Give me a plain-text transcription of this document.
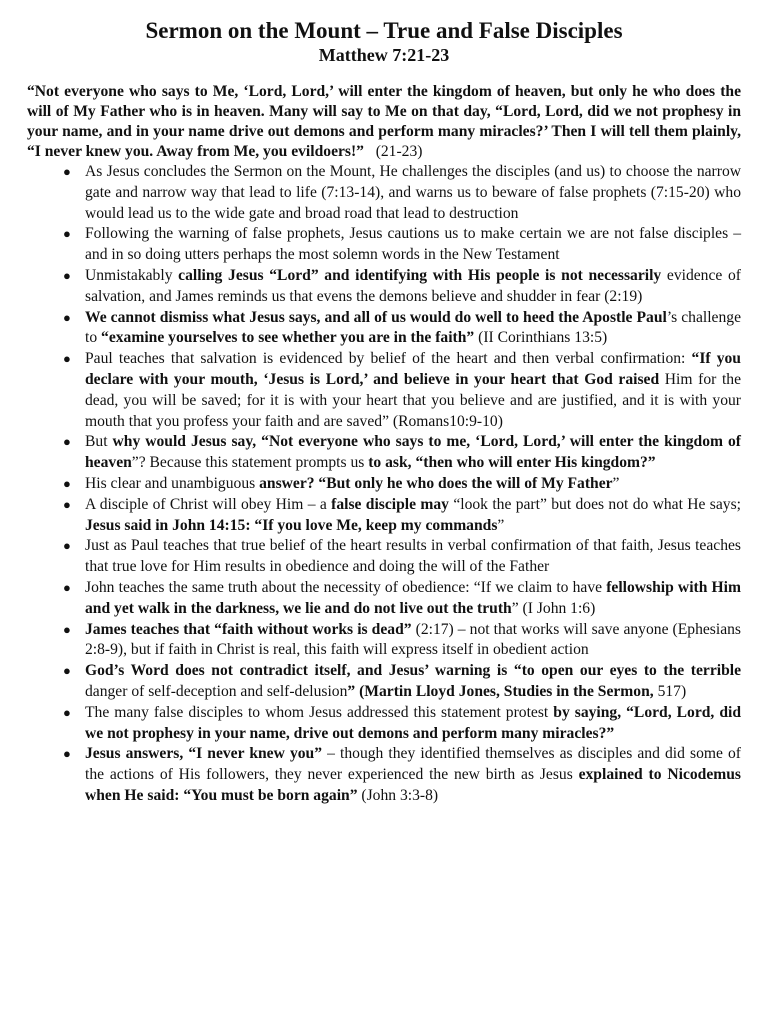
Sermon on the Mount – True and False Disciples
Matthew 7:21-23

“Not everyone who says to Me, ‘Lord, Lord,’ will enter the kingdom of heaven, but only he who does the will of My Father who is in heaven. Many will say to Me on that day, “Lord, Lord, did we not prophesy in your name, and in your name drive out demons and perform many miracles?’ Then I will tell them plainly, “I never knew you. Away from Me, you evildoers!” (21-23)

● As Jesus concludes the Sermon on the Mount, He challenges the disciples (and us) to choose the narrow gate and narrow way that lead to life (7:13-14), and warns us to beware of false prophets (7:15-20) who would lead us to the wide gate and broad road that lead to destruction
● Following the warning of false prophets, Jesus cautions us to make certain we are not false disciples – and in so doing utters perhaps the most solemn words in the New Testament
● Unmistakably calling Jesus “Lord” and identifying with His people is not necessarily evidence of salvation, and James reminds us that evens the demons believe and shudder in fear (2:19)
● We cannot dismiss what Jesus says, and all of us would do well to heed the Apostle Paul’s challenge to “examine yourselves to see whether you are in the faith” (II Corinthians 13:5)
● Paul teaches that salvation is evidenced by belief of the heart and then verbal confirmation: “If you declare with your mouth, ‘Jesus is Lord,’ and believe in your heart that God raised Him for the dead, you will be saved; for it is with your heart that you believe and are justified, and it is with your mouth that you profess your faith and are saved” (Romans10:9-10)
● But why would Jesus say, “Not everyone who says to me, ‘Lord, Lord,’ will enter the kingdom of heaven”? Because this statement prompts us to ask, “then who will enter His kingdom?”
● His clear and unambiguous answer? “But only he who does the will of My Father”
● A disciple of Christ will obey Him – a false disciple may “look the part” but does not do what He says; Jesus said in John 14:15: “If you love Me, keep my commands”
● Just as Paul teaches that true belief of the heart results in verbal confirmation of that faith, Jesus teaches that true love for Him results in obedience and doing the will of the Father
● John teaches the same truth about the necessity of obedience: “If we claim to have fellowship with Him and yet walk in the darkness, we lie and do not live out the truth” (I John 1:6)
● James teaches that “faith without works is dead” (2:17) – not that works will save anyone (Ephesians 2:8-9), but if faith in Christ is real, this faith will express itself in obedient action
● God’s Word does not contradict itself, and Jesus’ warning is “to open our eyes to the terrible danger of self-deception and self-delusion” (Martin Lloyd Jones, Studies in the Sermon, 517)
● The many false disciples to whom Jesus addressed this statement protest by saying, “Lord, Lord, did we not prophesy in your name, drive out demons and perform many miracles?”
● Jesus answers, “I never knew you” – though they identified themselves as disciples and did some of the actions of His followers, they never experienced the new birth as Jesus explained to Nicodemus when He said: “You must be born again” (John 3:3-8)
